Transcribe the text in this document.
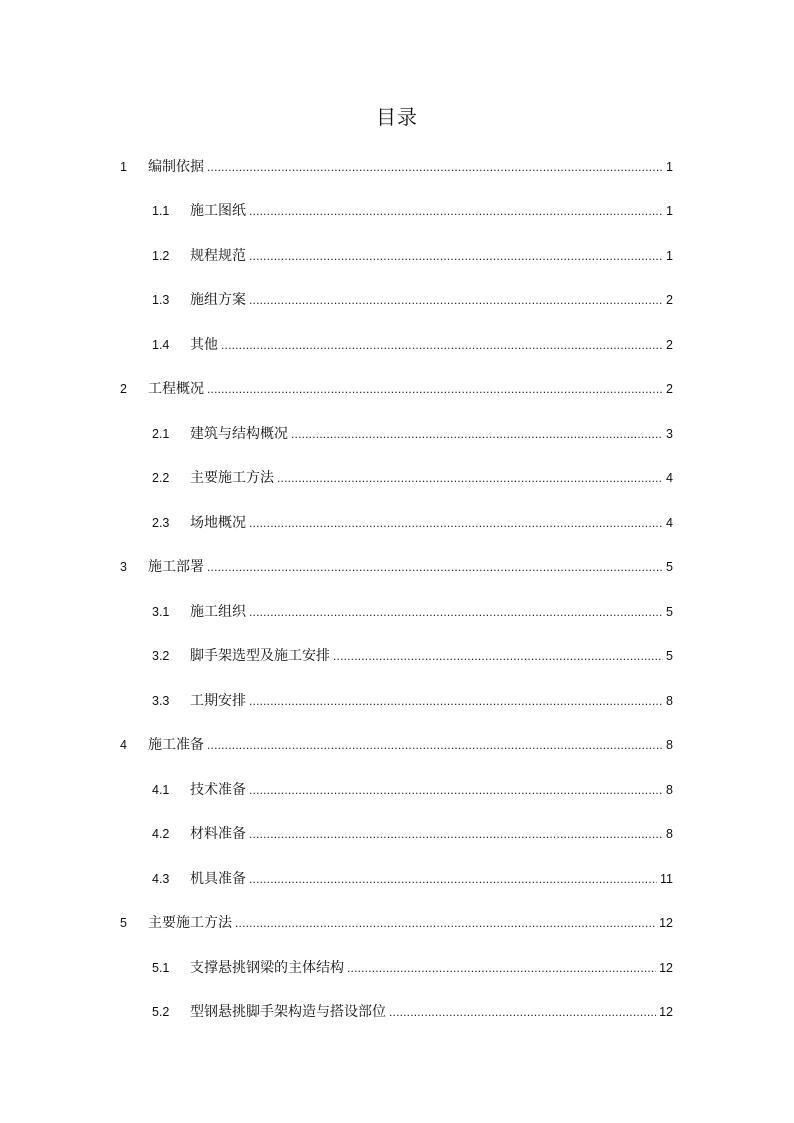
目录
1	编制依据 .....	1
1.1	施工图纸 .....	1
1.2	规程规范 .....	1
1.3	施组方案 .....	2
1.4	其他 .....	2
2	工程概况 .....	2
2.1	建筑与结构概况 .....	3
2.2	主要施工方法 .....	4
2.3	场地概况 .....	4
3	施工部署 .....	5
3.1	施工组织 .....	5
3.2	脚手架选型及施工安排 .....	5
3.3	工期安排 .....	8
4	施工准备 .....	8
4.1	技术准备 .....	8
4.2	材料准备 .....	8
4.3	机具准备 .....	11
5	主要施工方法 .....	12
5.1	支撑悬挑钢梁的主体结构 .....	12
5.2	型钢悬挑脚手架构造与搭设部位 .....	12
